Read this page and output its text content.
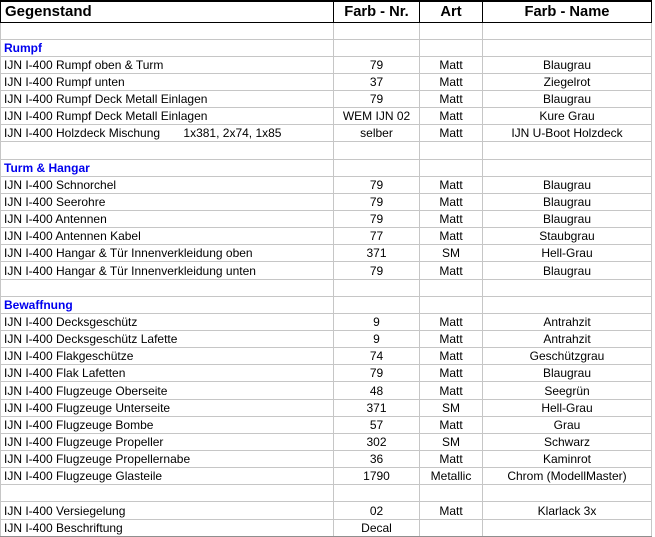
Gegenstand	Farb - Nr.	Art	Farb - Name

Rumpf			
IJN I-400 Rumpf oben & Turm	79	Matt	Blaugrau
IJN I-400 Rumpf unten	37	Matt	Ziegelrot
IJN I-400 Rumpf Deck Metall Einlagen	79	Matt	Blaugrau
IJN I-400 Rumpf Deck Metall Einlagen	WEM IJN 02	Matt	Kure Grau
IJN I-400 Holzdeck Mischung       1x381, 2x74, 1x85	selber	Matt	IJN U-Boot Holzdeck

Turm & Hangar			
IJN I-400 Schnorchel	79	Matt	Blaugrau
IJN I-400 Seerohre	79	Matt	Blaugrau
IJN I-400 Antennen	79	Matt	Blaugrau
IJN I-400 Antennen Kabel	77	Matt	Staubgrau
IJN I-400 Hangar & Tür Innenverkleidung oben	371	SM	Hell-Grau
IJN I-400 Hangar & Tür Innenverkleidung unten	79	Matt	Blaugrau

Bewaffnung			
IJN I-400 Decksgeschütz	9	Matt	Antrahzit
IJN I-400 Decksgeschütz Lafette	9	Matt	Antrahzit
IJN I-400 Flakgeschütze	74	Matt	Geschützgrau
IJN I-400 Flak Lafetten	79	Matt	Blaugrau
IJN I-400 Flugzeuge Oberseite	48	Matt	Seegrün
IJN I-400 Flugzeuge Unterseite	371	SM	Hell-Grau
IJN I-400 Flugzeuge Bombe	57	Matt	Grau
IJN I-400 Flugzeuge Propeller	302	SM	Schwarz
IJN I-400 Flugzeuge Propellernabe	36	Matt	Kaminrot
IJN I-400 Flugzeuge Glasteile	1790	Metallic	Chrom (ModellMaster)

IJN I-400 Versiegelung	02	Matt	Klarlack 3x
IJN I-400 Beschriftung	Decal		
